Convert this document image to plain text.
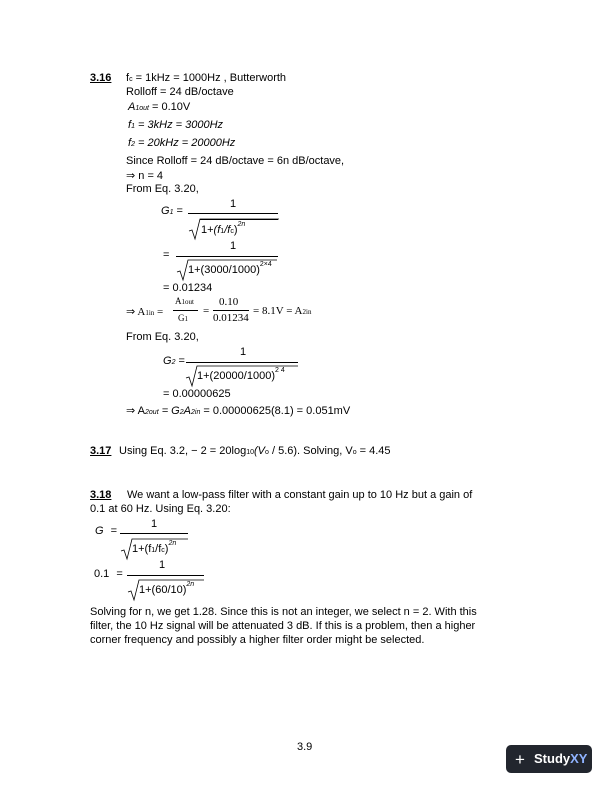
3.16 fc = 1kHz = 1000Hz , Butterworth
Rolloff = 24 dB/octave
A1out = 0.10V
f1 = 3kHz = 3000Hz
f2 = 20kHz = 20000Hz
Since Rolloff = 24 dB/octave = 6n dB/octave,
⇒ n = 4
From Eq. 3.20,
G1 =
1
$1+(f1/fc)^{2n}$
=
1
$1+(3000/1000)^{2\times 4}$
= 0.01234
⇒ A1in =
A1out
G1
=
0.10
0.01234
= 8.1V = A2in
From Eq. 3.20,
G2 =
1
$1+(20000/1000)^{2 4}$
= 0.00000625
⇒ A2out = G2A2in = 0.00000625(8.1) = 0.051mV
3.17 Using Eq. 3.2, − 2 = 20log10(Vo / 5.6). Solving, Vo = 4.45
3.18 We want a low-pass filter with a constant gain up to 10 Hz but a gain of
0.1 at 60 Hz. Using Eq. 3.20:
G =
1
$1+(f1/fc)^{2n}$
0.1 =
1
$1+(60/10)^{2n}$
Solving for n, we get 1.28. Since this is not an integer, we select n = 2. With this
filter, the 10 Hz signal will be attenuated 3 dB. If this is a problem, then a higher
corner frequency and possibly a higher filter order might be selected.
3.9
+ StudyXY
